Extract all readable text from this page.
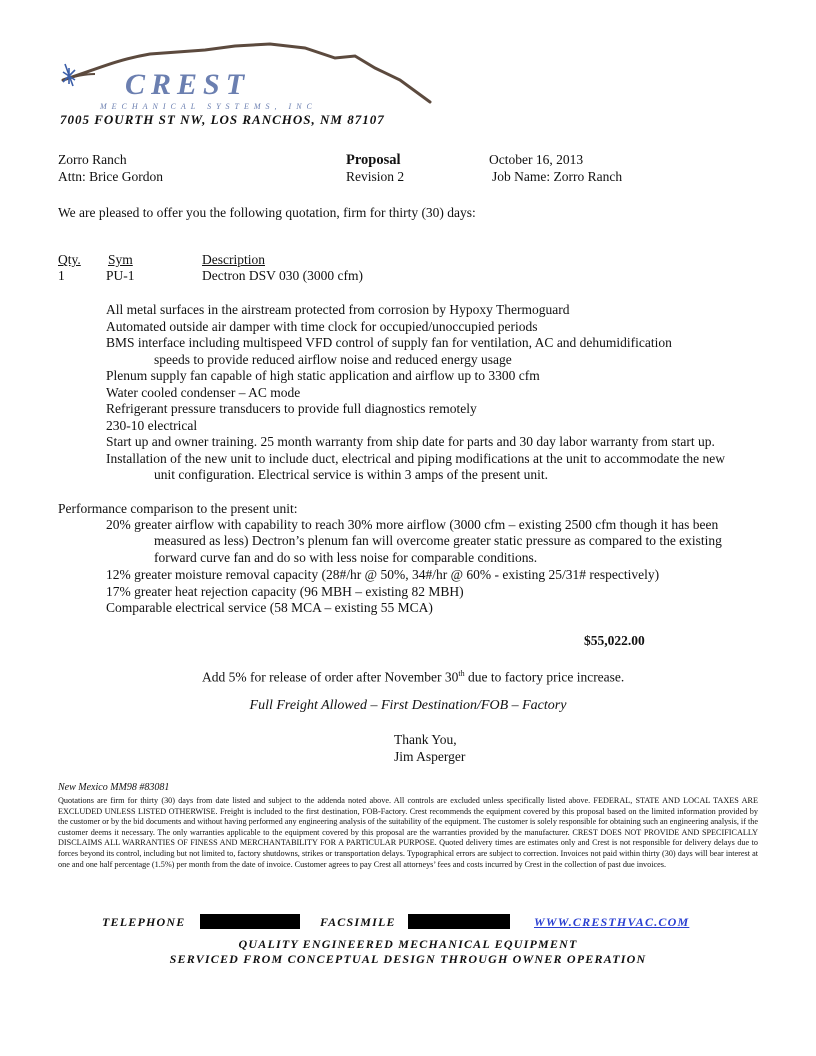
CREST
MECHANICAL SYSTEMS, INC
7005 FOURTH ST NW, LOS RANCHOS, NM 87107
Zorro Ranch
Attn: Brice Gordon
Proposal
Revision 2
October 16, 2013
Job Name: Zorro Ranch
We are pleased to offer you the following quotation, firm for thirty (30) days:
Qty. Sym	Description
1	PU-1	Dectron DSV 030 (3000 cfm)
All metal surfaces in the airstream protected from corrosion by Hypoxy Thermoguard
Automated outside air damper with time clock for occupied/unoccupied periods
BMS interface including multispeed VFD control of supply fan for ventilation, AC and dehumidification
speeds to provide reduced airflow noise and reduced energy usage
Plenum supply fan capable of high static application and airflow up to 3300 cfm
Water cooled condenser – AC mode
Refrigerant pressure transducers to provide full diagnostics remotely
230-10 electrical
Start up and owner training. 25 month warranty from ship date for parts and 30 day labor warranty from start up.
Installation of the new unit to include duct, electrical and piping modifications at the unit to accommodate the new
unit configuration. Electrical service is within 3 amps of the present unit.
Performance comparison to the present unit:
20% greater airflow with capability to reach 30% more airflow (3000 cfm – existing 2500 cfm though it has been
measured as less) Dectron’s plenum fan will overcome greater static pressure as compared to the existing
forward curve fan and do so with less noise for comparable conditions.
12% greater moisture removal capacity (28#/hr @ 50%, 34#/hr @ 60% - existing 25/31# respectively)
17% greater heat rejection capacity (96 MBH – existing 82 MBH)
Comparable electrical service (58 MCA – existing 55 MCA)
$55,022.00
Add 5% for release of order after November 30th due to factory price increase.
Full Freight Allowed – First Destination/FOB – Factory
Thank You,
Jim Asperger
New Mexico MM98 #83081
Quotations are firm for thirty (30) days from date listed and subject to the addenda noted above. All controls are excluded unless specifically listed above. FEDERAL, STATE AND LOCAL TAXES ARE EXCLUDED UNLESS LISTED OTHERWISE. Freight is included to the first destination, FOB-Factory. Crest recommends the equipment covered by this proposal based on the limited information provided by the customer or by the bid documents and without having performed any engineering analysis of the suitability of the equipment. The customer is solely responsible for obtaining such an engineering analysis, if the customer deems it necessary. The only warranties applicable to the equipment covered by this proposal are the warranties provided by the manufacturer. CREST DOES NOT PROVIDE AND SPECIFICALLY DISCLAIMS ALL WARRANTIES OF FINESS AND MERCHANTABILITY FOR A PARTICULAR PURPOSE. Quoted delivery times are estimates only and Crest is not responsible for delivery delays due to forces beyond its control, including but not limited to, factory shutdowns, strikes or transportation delays. Typographical errors are subject to correction. Invoices not paid within thirty (30) days will bear interest at one and one half percentage (1.5%) per month from the date of invoice. Customer agrees to pay Crest all attorneys’ fees and costs incurred by Crest in the collection of past due invoices.
TELEPHONE	FACSIMILE	WWW.CRESTHVAC.COM
QUALITY ENGINEERED MECHANICAL EQUIPMENT
SERVICED FROM CONCEPTUAL DESIGN THROUGH OWNER OPERATION
